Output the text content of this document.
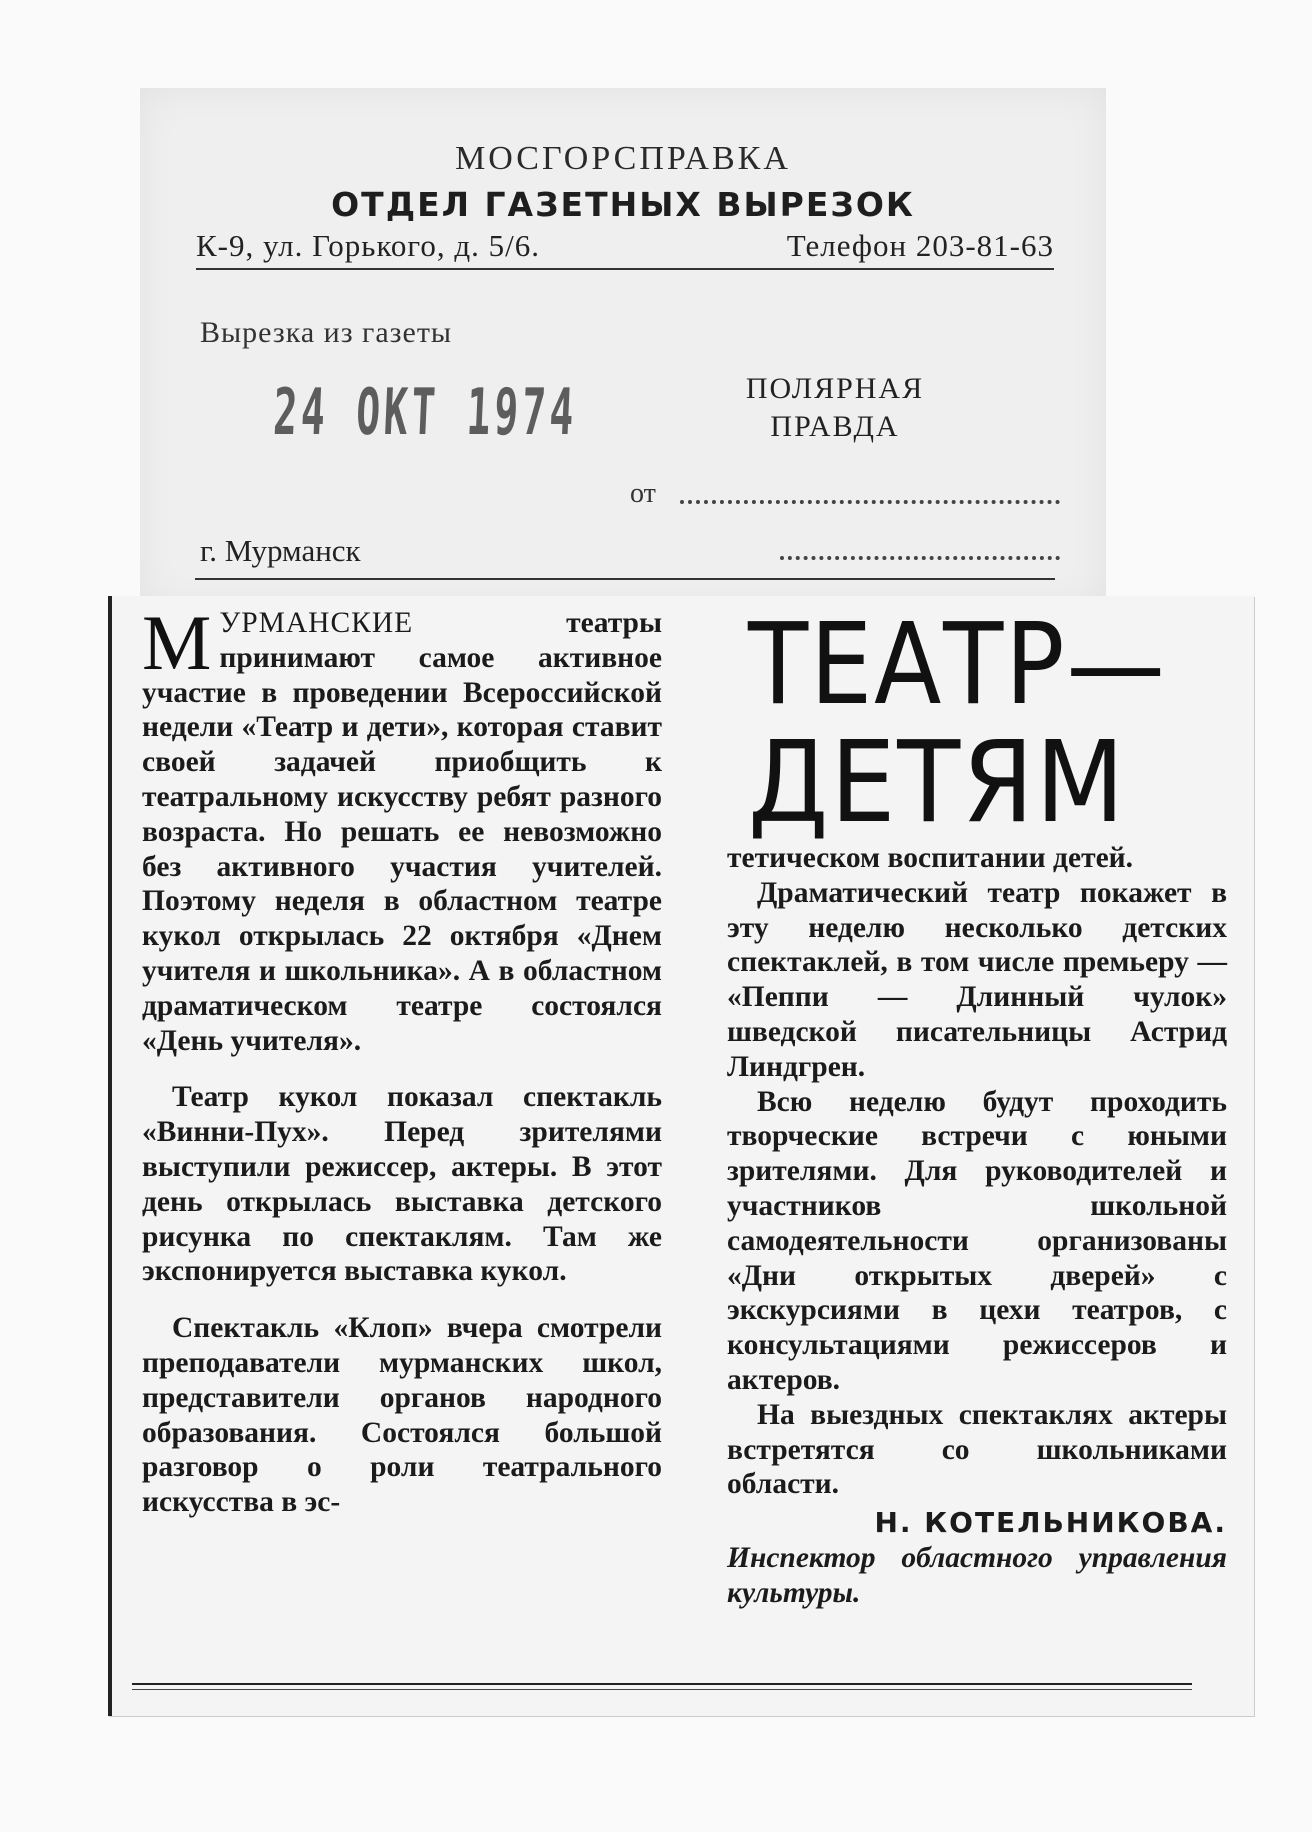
МОСГОРСПРАВКА
ОТДЕЛ ГАЗЕТНЫХ ВЫРЕЗОК
К-9, ул. Горького, д. 5/6.	Телефон 203-81-63
Вырезка из газеты
24 ОКТ 1974	ПОЛЯРНАЯ
ПРАВДА
от
г. Мурманск

МУРМАНСКИЕ театры принимают самое активное участие в проведении Всероссийской недели «Театр и дети», которая ставит своей задачей приобщить к театральному искусству ребят разного возраста. Но решать ее невозможно без активного участия учителей. Поэтому неделя в областном театре кукол открылась 22 октября «Днем учителя и школьника». А в областном драматическом театре состоялся «День учителя».

Театр кукол показал спектакль «Винни-Пух». Перед зрителями выступили режиссер, актеры. В этот день открылась выставка детского рисунка по спектаклям. Там же экспонируется выставка кукол.

Спектакль «Клоп» вчера смотрели преподаватели мурманских школ, представители органов народного образования. Состоялся большой разговор о роли театрального искусства в эс-

ТЕАТР—
ДЕТЯМ

тетическом воспитании детей.

Драматический театр покажет в эту неделю несколько детских спектаклей, в том числе премьеру — «Пеппи — Длинный чулок» шведской писательницы Астрид Линдгрен.

Всю неделю будут проходить творческие встречи с юными зрителями. Для руководителей и участников школьной самодеятельности организованы «Дни открытых дверей» с экскурсиями в цехи театров, с консультациями режиссеров и актеров.

На выездных спектаклях актеры встретятся со школьниками области.

Н. КОТЕЛЬНИКОВА.

Инспектор областного управления культуры.
